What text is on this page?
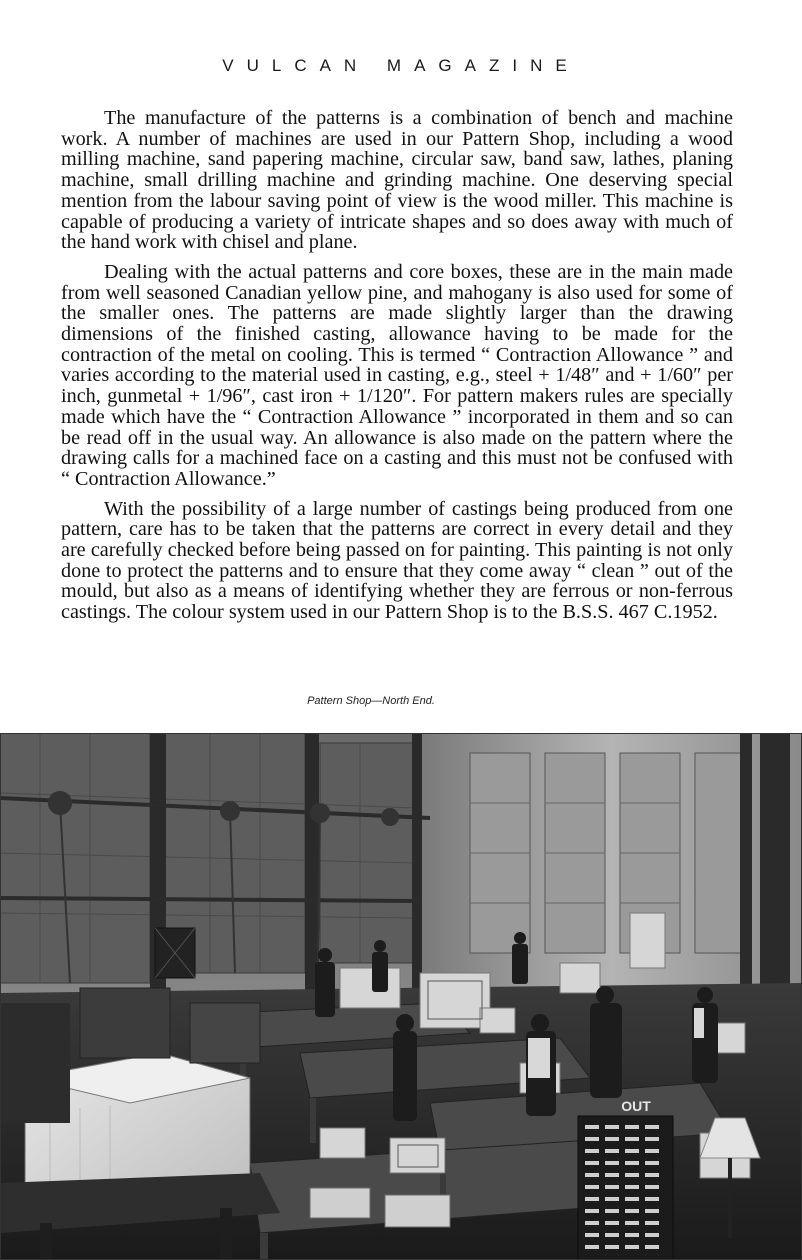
VULCAN MAGAZINE

The manufacture of the patterns is a combination of bench and machine work. A number of machines are used in our Pattern Shop, including a wood milling machine, sand papering machine, circular saw, band saw, lathes, planing machine, small drilling machine and grinding machine. One deserving special mention from the labour saving point of view is the wood miller. This machine is capable of producing a variety of intricate shapes and so does away with much of the hand work with chisel and plane.

Dealing with the actual patterns and core boxes, these are in the main made from well seasoned Canadian yellow pine, and mahogany is also used for some of the smaller ones. The patterns are made slightly larger than the drawing dimensions of the finished casting, allowance having to be made for the contraction of the metal on cooling. This is termed “ Contraction Allowance ” and varies according to the material used in casting, e.g., steel + 1/48″ and + 1/60″ per inch, gunmetal + 1/96″, cast iron + 1/120″. For pattern makers rules are specially made which have the “ Contraction Allowance ” incorporated in them and so can be read off in the usual way. An allowance is also made on the pattern where the drawing calls for a machined face on a casting and this must not be confused with “ Contraction Allowance.”

With the possibility of a large number of castings being produced from one pattern, care has to be taken that the patterns are correct in every detail and they are carefully checked before being passed on for painting. This painting is not only done to protect the patterns and to ensure that they come away “ clean ” out of the mould, but also as a means of identifying whether they are ferrous or non-ferrous castings. The colour system used in our Pattern Shop is to the B.S.S. 467 C.1952.

Pattern Shop—North End.
OUT
